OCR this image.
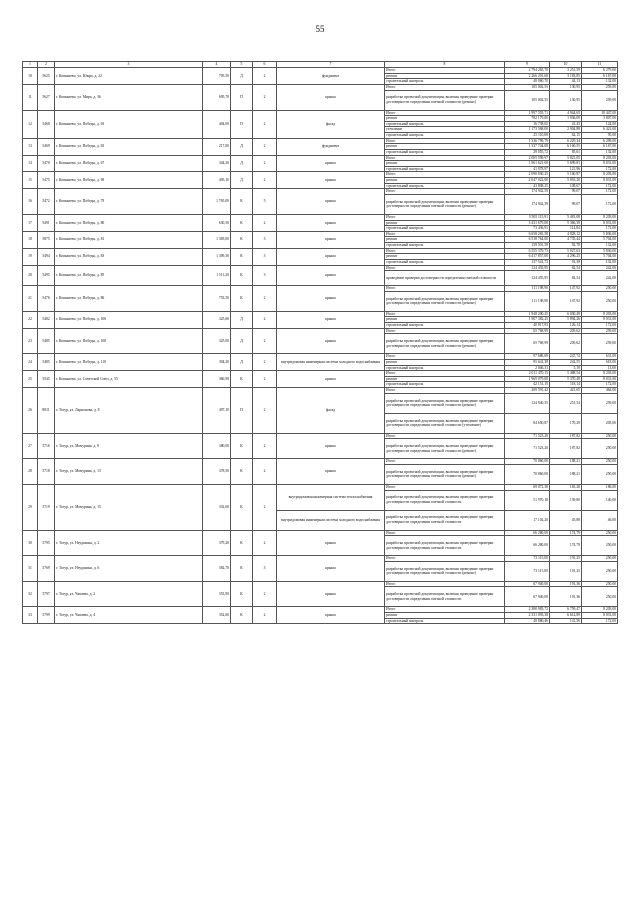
55
1	2	3	4	5	6	7	8	9	10	11
10	5625	г. Копышево, ул. Южра, д. 22	705,50	Д	2	фундамент	Итого	2 794 265,70	3 251,59	6 279,00
							ремонт	2 266 201,60	3 183,85	6 167,00
							строительный контроль	48 060,70	44,13	132,00
11	5627	г. Копышево, ул. Мира, д. 36	695,70	П	2	крыша	Итого	105 002,55	130,95	259,00
							разработка проектной документации, включая проведение проверки достоверности определения сметной стоимости (ремонт)	105 002,55	130,95	259,00
12	5468	г. Копышево, ул. Победы, д. 63	404,00	П	2	фасад	Итого	1 997 555,71	4 944,65	10 447,00
							ремонт	782 179,00	1 936,09	3 807,00
							строительный контроль	16 738,65	41,43	124,00
							утепление	1 173 568,00	2 904,88	6 421,00
							строительный контроль	25 110,08	62,15	95,00
13	5469	г. Копышево, ул. Победы, д. 65	217,00	Д	2	фундамент	Итого	1 336 799,79	6 229,34	6 299,00
							ремонт	1 337 744,08	6 160,55	6 167,00
							строительный контроль	29 055,72	85,61	132,00
14	5470	г. Копышево, ул. Победы, д. 67	344,20	Д	2	крыша	Итого	2 005 599,97	5 821,05	8 203,00
							ремонт	1 961 621,00	5 699,81	8 031,00
							строительный контроль	41 978,97	121,96	172,00
15	5475	г. Копышево, ул. Победы, д. 69	405,10	Д	2	крыша	Итого	2 090 830,25	5 160,87	8 203,00
							ремонт	2 047 022,00	5 053,20	8 031,00
							строительный контроль	43 808,25	108,67	172,00
16	5472	г. Копышево, ул. Победы, д. 79	1 765,00	К	5	крыша	Итого	174 942,59	99,07	172,00
							разработка проектной документации, включая проведение проверки достоверности определения сметной стоимости (ремонт)	174 942,59	99,07	172,00
17	5491	г. Копышево, ул. Победы, д. 80	630,50	К	2	крыша	Итого	3 505 115,91	5 481,08	8 203,00
							ремонт	3 431 679,00	5 366,39	8 031,00
							строительный контроль	73 436,91	114,84	172,00
18	5875	г. Копышево, ул. Победы, д. 81	1 305,00	К	3	крыша	Итого	6 658 265,58	4 828,12	5 836,00
							ремонт	6 518 764,00	4 735,44	5 704,00
							строительный контроль	139 501,58	92,78	132,00
19	5494	г. Копышево, ул. Победы, д. 83	1 309,30	К	3	крыша	Итого	6 555 379,73	5 927,63	5 836,00
							ремонт	6 417 857,00	4 296,25	5 704,00
							строительный контроль	137 541,73	91,38	132,00
20	5495	г. Копышево, ул. Победы, д. 85	1 511,20	К	3	крыша	Итого	124 455,95	82,54	242,00
							проведение проверки достоверности определения сметной стоимости	124 455,95	82,54	242,00
21	5476	г. Копышево, ул. Победы, д. 86	753,50	К	2	крыша	Итого	111 198,90	147,92	250,00
							разработка проектной документации, включая проведение проверки достоверности определения сметной стоимости (ремонт)	111 198,90	147,92	250,00
22	5482	г. Копышево, ул. Победы, д. 106	325,60	Д	2	крыша	Итого	1 948 200,25	6 030,49	8 203,00
							ремонт	1 907 382,25	5 894,26	8 031,00
							строительный контроль	40 817,93	126,14	172,00
23	5485	г. Копышево, ул. Победы, д. 108	325,00	Д	2	крыша	Итого	65 768,99	205,62	259,00
							разработка проектной документации, включая проведение проверки достоверности определения сметной стоимости (ремонт)	65 768,99	205,62	259,00
24	5485	г. Копышево, ул. Победы, д. 110	394,20	Д	2	внутридомовая инженерная система холодного водоснабжения	Итого	97 686,69	247,74	631,00
							ремонт	95 641,38	242,55	618,00
							строительный контроль	2 046,31	5,19	13,00
25	5545	г. Копышево, ул. Советской Союз, д. 55	366,90	К	2	крыша	Итого	2 011 470,15	5 488,54	8 203,00
							ремонт	1 969 079,00	5 370,40	8 031,00
							строительный контроль	42 151,15	118,14	172,00
26	8811	г. Тогур, ул. Ларионова, д. 8	497,10	П	2	фасад	Итого	209 591,42	421,65	464,00
							разработка проектной документации, включая проведение проверки достоверности определения сметной стоимости (ремонт)	124 940,55	251,54	259,00
							разработка проектной документации, включая проведение проверки достоверности определения сметной стоимости (утепление)	84 650,87	170,29	205,00
27	5716	г. Тогур, ул. Мичурина, д. 9	380,00	К	2	крыша	Итого	71 523,20	187,82	250,00
							разработка проектной документации, включая проведение проверки достоверности определения сметной стоимости (ремонт)	71 523,20	187,82	250,00
28	5718	г. Тогур, ул. Мичурина, д. 13	378,50	К	2	крыша	Итого	70 860,00	188,21	250,00
							разработка проектной документации, включая проведение проверки достоверности определения сметной стоимости (ремонт)	70 860,00	188,21	250,00
29	5719	г. Тогур, ул. Мичурина, д. 15	332,60	К	2	внутридомовая инженерная система теплоснабжения	Итого	69 072,38	165,28	186,00
							разработка проектной документации, включая проведение проверки достоверности определения сметной стоимости	51 970,18	139,80	140,00
						внутридомовая инженерная система холодного водоснабжения	разработка проектной документации, включая проведение проверки достоверности определения сметной стоимости	17 102,20	45,88	46,00
30	5795	г. Тогур, ул. Неудахина, д. 2	379,20	К	2	крыша	Итого	66 280,00	174,79	250,00
							разработка проектной документации, включая проведение проверки достоверности определения сметной стоимости	66 280,00	174,79	250,00
31	5769	г. Тогур, ул. Неудахина, д. 6	382,70	К	3	крыша	Итого	73 115,00	191,25	250,00
							разработка проектной документации, включая проведение проверки достоверности определения сметной стоимости (ремонт)	73 115,00	191,25	250,00
32	5797	г. Тогур, ул. Чапаева, д. 2	353,90	К	2	крыша	Итого	67 940,00	191,36	250,00
							разработка проектной документации, включая проведение проверки достоверности определения сметной стоимости	67 940,00	191,36	250,00
33	5799	г. Тогур, ул. Чапаева, д. 4	352,60	К	2	крыша	Итого	2 380 983,72	6 759,47	8 203,00
							ремонт	2 331 093,38	6 614,89	8 031,00
							строительный контроль	49 886,46	141,56	172,00
